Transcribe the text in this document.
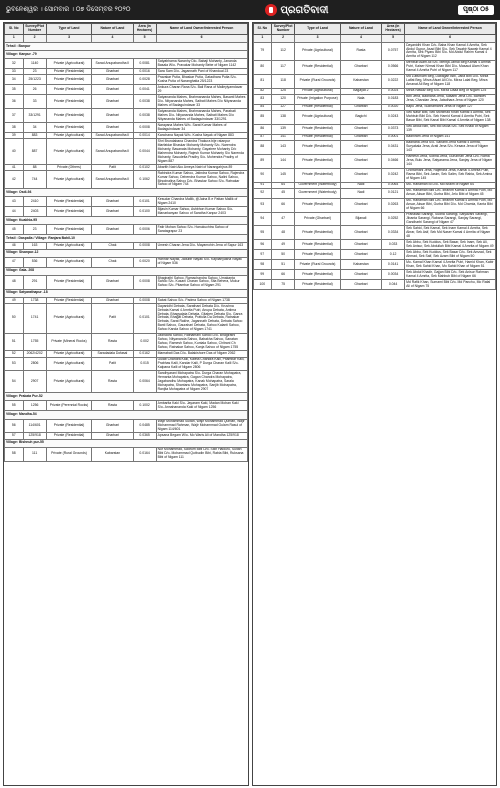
ଭୁବନେଶ୍ୱର । ସୋମବାର । ୦୭ ଡିସେମ୍ବର ୨୦୨୦	ପ୍ରଗତିବାଦୀ	ପୃଷ୍ଠା ୦୫
Sl. No	Survey/Plot Number	Type of Land	Nature of Land	Area (in Hectares)	Name of Land Owner/Interested Person
1	2	3	4	5	6
Tehsil : Banpur					
Village: Kanpur -79					
32	1140	Private (Agricultural)	Sarad Anupabandha II	0.0081	Satyabhama Naranhy Dio- Babaji Mohanty, Jananda Basala W/o- Pravakar Mohanty Bebe of Nigam 1142
33	23	Private (Residential)	Gharbari	0.0016	Sara Sam D/o- Jagannath Pani of Khandual 23
34	25/1223	Private (Residential)	Gharbari	0.0028	Pravakar Putia, Bhaskar Putia, Gatadhara Putia S/o- Kusha Putia of Naranghatia 25/1223
35	26	Private (Residential)	Gharbari	0.0041	Ankura Charan Rana S/o- Bali Rana of Malleyiyamdavar 29
36	33	Private (Residential)	Gharbari	0.0038	Satyananda Mahes, Brahmananda Mahes, Basanti Mahes D/o- Nityananda Mahes, Saibati Mahes D/o Nityananda Mahes of Badaguindavar 33
37	33/1291	Private (Residential)	Gharbari	0.0038	Satyananda Mahes, Brahmananda Mahes, Parabati Mahes D/o- Nityananda Mahes, Saibati Mahes D/o Nityananda Mahes of Badaguindavar 33/1291
38	34	Private (Residential)	Gharbari	0.0008	Narayana Mahes W/o- Sarat Kumar Mahes of Badaguindavar 34
39	883	Private (Agricultural)	Sarad Anupabandha II	0.0014	Kanchana Nayak W/o- Kusha Nayak of Nigam 883
40	887	Private (Agricultural)	Sarad Anupabandha II	0.0044	Shri Brundabana Chandra Thakura bije ratanpur Marfatdar Bhaskar Mohanty Mohanty S/o- Narendra Mohanty, Basanata Mohanty, Gayatree Mohanty D/o Mahendra Mohanty, Rajesh Kumar Mohanty S/o Narenda Mohanty, Sasudelta Pradhy S/o- Mohendra Pradhy of Nigam 887
41	88	Private (Others)	Patit	0.0102	Abarith Natri Ako Ameya Natri of Narangahjrus 89
42	744	Private (Agricultural)	Sarad Anupabandha II	0.1062	Rabindra Kumar Sahoo, Jatindra Kumar Sahoo, Rajendra Kumar Sahoo, Debendra Kumar Sahoo, Nalini Sahoo, Binodnalina Sahoo D/o- Bhaskar Sahoo S/o- Ratnakar Sahoo of Nigam 744
Village: Osdi-94					
43	2410	Private (Residential)	Gharbari	0.0101	Kesudar Chandra Mallik, @Jaina B e Pattan Mallik of Nigam 2410
44	2403	Private (Residential)	Gharbari	0.0100	Bijasin Kumar Sahoo, Ashbhon Kumar Sahoo S/o- Manarkanyan Sahoo of Saratha Kanpur 2403
Village: Kuakhia-95					
45	23	Private (Residential)	Gharbari	0.0006	Fatir Mohan Sahoo S/o- Hanukuchtra Sahoo of Saratagrapur 23
Tehsil : Daspalla / Village: Ranjara Bahil-10					
46	163	Private (Agricultural)	Chak	0.0008	Umesh Charan Jena D/o- Mayamohin Jena of Sapur 163
Village: Sisanpur-12					
47	536	Private (Agricultural)	Chak	0.0020	Harihar Nayak, Jadubir Nayak S/o- Kapilanyakha Nayak of Nigam 536
Village: Gala- 208					
48	291	Private (Residential)	Gharbari	0.0008	Bhagirathi Sahoo, Ramachandra Sahoo, Umakanta Sahoo S/o- Kusani Charan Sahoo, Sita Behera, Mukur Sahoo S/o- Pitambar Sahoo of Nigam 291
Village: Satyarathapur -18					
49	1738	Private (Residential)	Gharbari	0.0008	Sabat Sahoo S/o- Padma Sahoo of Nigam 1738
50	1741	Private (Agricultural)	Patit	0.0101	Dayanidhi Debata, Sarathani Debata D/o- Krushna Debata Kamal 4 Amrita Putri, Anupa Debata, Antima Debata, Bhagyalata Debata, Gitaben Debata S/o- Ganra Debata, Bhagat Debata, Prafulla Da Debata, Ratnakar Debata, Sarat Rakhe, Jagannath Debata, Debata Sahoo Banti Sahoo, Gaurahari Debata, Sahoo Kalanti Sahoo, Sahoo Kanda Sahoo of Nigam 1741
51	1755	Private (Mineral Rocks)	Rasta	0.002	Jadhadra Sahoo, Ratnamani Sahoo D/o- Bhagirathi Sahoo, Nityananda Sahoo, Babakha Sahoo, Sanatan Sahoo, Ramesh Sahoo, Kuntala Sahoo, Chitrani Ch Sahoo, Ratnakar Sahoo, Kanja Sahoo of Nigam 1755
52	2062/4202	Private (Agricultural)	Saradadala Dofasal	0.0162	Mamabati Das D/o- Balakishore Das of Nigam 2062
53	2806	Private (Agricultural)	Patit	0.015	Gulab Chandra Kaili, Kaleta Chandra Kaili, Pitambar Kaili, Prabhas Kaili, Kandar Kaili, P Durga Charan Kaili S/o- Kalpana Kaili of Nigam 2806
54	2907	Private (Agricultural)	Rasta	0.0064	Sandhyarani Mohapatra S/o- Durga Charan Mohapatra, Hemanta Mohapatra, Gagan Chandra Mohapatra, Jagabandhu Mohapatra, Kanak Mohapatra, Sarala Mohapatra, Shantanu Mohapatra, Sanjib Mohapatra, Ranjita Mohapatra of Nigam 2907
Village: Prakata Pur-52					
55	1256	Private (Perennial Rocks)	Rasta	0.1002	Ambarita Kaki S/o- Jayaram Kaki, Madan Mohan Kaki S/o- Annahananda Kaki of Nigam 1256
Village: Mandha-54					
56	114/601	Private (Residential)	Gharbari	0.0485	Wajir Mohammad Sultan, Wajir Mohammad Qurban, Wajir Mohammad Rahman, Wajir Mohammad Gulam Rasul of Nigam 114/601
57	125/918	Private (Residential)	Gharbari	0.0365	Apsana Begam W/o- Mo Waris Ali of Mandha 125/918
Village: Bishnuh pur-55					
58	111	Private (Rural Grounds)	Kabarstan	0.0164	Nur Mohammad, Sadrum Bibi D/o- Sikh Haiduru, Sultan Bibi D/o- Mohammad Qutbudin Bibi, Rabia Bibi, Ruksana Bibi of Nigam 111
Sl. No	Survey/Plot Number	Type of Land	Nature of Land	Area (in Hectares)	Name of Land Owner/Interested Person
1	2	3	4	5	6
79	112	Private (Agricultural)	Rasta	0.0757	Dayanidhi Khan D/o- Baba Khan Kamal 4 Amrita, Sek Abdul Gupur, Asad Bibi S/o- Sek Tasabir Nawab Kamal 4 Amrita, Sek Piyaru Bibi S/o- Md Abdul Rahim Kamal 4 Amrita of Nigam 112
80	117	Private (Residential)	Gharbari	0.0566	Mehbub Alam Ali S/o- Mehtja Jamal Beg Kamal 4 Amrita Putri, Kaiser Nirmal Khan Bibi D/o- Masaud Alam Khan Kamal 4 Amrita Putri of Nigam 117
81	118	Private (Rural Grounds)	Kabarstan	0.0222	Md Lutfuniam Beg, Dabagah Bibi, Jaba Bibi D/o- Mirza Lalfat Beg, Mirza Afsari Ali D/o- Mirza Lalat Beg, Mirza Amanat Ali Beg of Nigam 118
82	125	Private (Agricultural)	Bagayat 2	0.0024	Mirza Nawaz Beg S/o- Mirza Daaa Beg of Nigam 125
83	120	Private (Irrigation Purpose)	Nala	0.0183	Bibi Jena, Badhana Jena, Sasanti Jena D/o- Bamdev Jena, Chandan Jena, Jatadhara Jena of Nigam 120
84	127	Private (Residential)	Gharbari	0.0020	Bapu Jena, Sudhamanni Jena of Nigam 127
85	138	Private (Agricultural)	Bagichi	0.0243	Sek Nasir Bibi, Sek Mohimad Khan Kamal 4 Amrita, Sek Mahbub Bibi D/o- Sek Hamid Kamal 4 Amrita Putri, Sek Basar Bibi, Sek Kanal Bibi Kamal 4 Amrita of Nigam 138
86	139	Private (Residential)	Gharbari	0.0373	Sek Abdul Bibi, Sek Md Mulla S/o- Sek Khadi of Nigam 139
87	141	Private (Residential)	Gharbari	0.0001	Badhiram Jena of Nigam 141
88	143	Private (Residential)	Gharbari	0.0431	Badhana Jena S/o- Sananti Jena Kamal 4 Amrita, Suryakala Jena, Arati Jena S/o- Kesara Jena of Nigam 143
89	144	Private (Residential)	Gharbari	0.0466	Ramesh Jena, Sobha Jena, Gurubhari Jena D/o- Rama Jena, Bulu Jena, Satyarama Jena, Sanjay Jena of Nigam 144
90	145	Private (Residential)	Gharbari	0.0242	Chintamani Jena, Rajendra Jena, Kamal 4 Amrita Putri, Rama Bibi, Sek Jasim, Sek Salim, Sek Rabia, Sek Amina of Nigam 145
91	64	Government (Waterbody)	Nadi	0.0064	Mo- Rahaman Bi D/o- Md Israim of Nigam 64
92	45	Government (Waterbody)	Nadi	0.0121	Mo- Rahaman Bibi D/o- Ibrahim Kamal 4 Amrita Putri, Mo Ansar, Aksar Bibi, Gurba Bibi, Jelu Bibi of Nigam 45
93	66	Private (Residential)	Gharbari	0.0263	Mo- Rahaman Bibi D/o- Ibrahim Kamal 4 Amrita Putri, Mo Ansar, Aksar Bibi, Gurba Bibi D/o- Md Chamia, Kanta Bibi of Nigam 66
94	47	Private (Gharbari)	Bijanali	0.0252	Prahallad Sarangi, Sudha Sarangi, Satyavani Sarangi, Jibanta Sarangi, Rabana Sarangi, Sanjay Sarangi, Gandharbi Sarangi of Nigam 47
95	48	Private (Residential)	Gharbari	0.0334	Sek Sahid, Sek Kamal, Sek Inam Kamal 4 Amrita, Sek Abrar, Sek Asif, Sek Md Naser Kamal 4 Amrita of Nigam 48
96	49	Private (Residential)	Gharbari	0.033	Sek Abbu, Sek Kuddus, Sek Basar, Sek Inam, Sek Ali, Sek Anisur, Sek Abdullah Bibi Kamal 4 Amrita of Nigam 49
97	50	Private (Residential)	Gharbari	0.12	Sek Abbu, Sek Kuddus, Sek Basar D/o- Sek Amzad, Sek Ahmad, Sek Saif, Sek Azam Bibi of Nigam 50
98	51	Private (Rural Grounds)	Kabarstan	0.0141	Mo- Kamal Khan Kamal 4 Amrita Putri, Hamid Khan, Kabir Khan, Sek Sahid Khan, Mo Sahid Khan of Nigam 51
99	66	Private (Residential)	Gharbari	0.0034	Sek Abdul Khadir, Gajjan Bibi D/o- Sek Anisur Rahman Kamal 4 Amrita, Sek Mahbub Bibi of Nigam 66
100	75	Private (Residential)	Gharbari	0.044	Md Rafik Khan, Sumami Bibi D/o- Md Panchu, Mo Rafal Ali of Nigam 75
